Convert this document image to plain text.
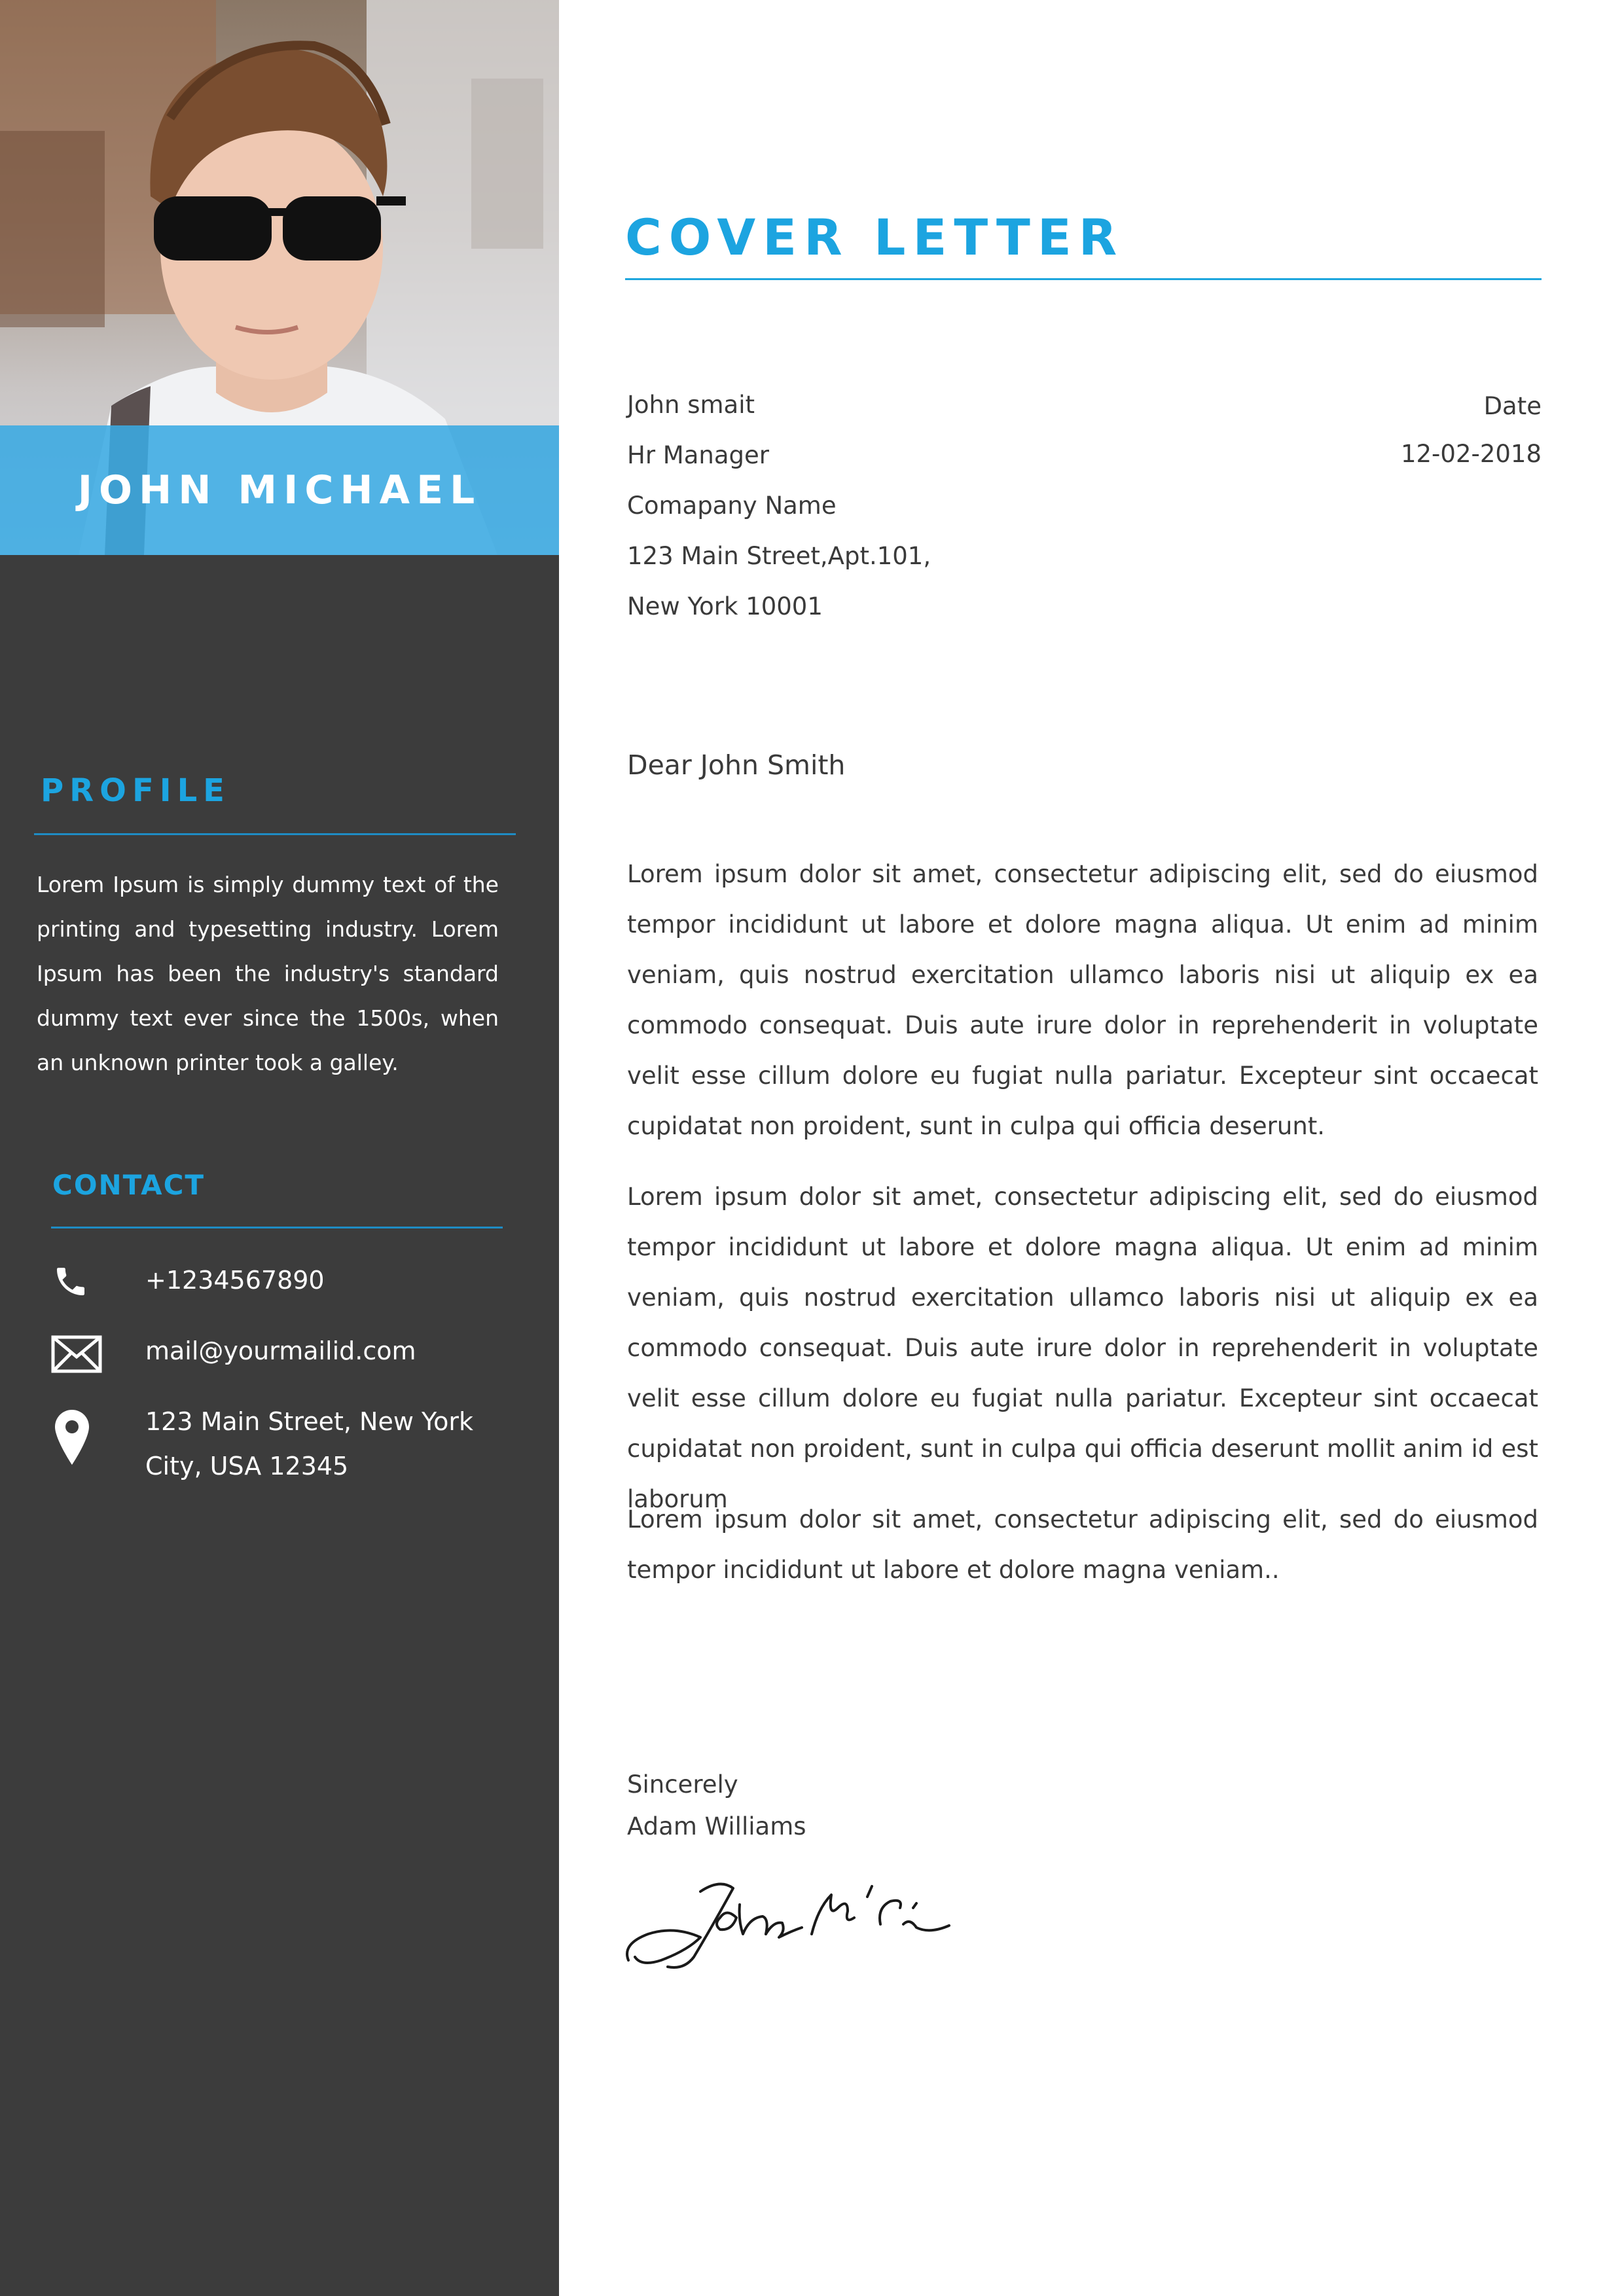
JOHN MICHAEL
PROFILE
Lorem Ipsum is simply dummy text of the printing and typesetting industry. Lorem Ipsum has been the industry's standard dummy text ever since the 1500s, when an unknown printer took a galley.
CONTACT
+1234567890
mail@yourmailid.com
123 Main Street, New York
City, USA 12345
COVER LETTER
John smait
Hr Manager
Comapany Name
123 Main Street,Apt.101,
New York 10001
Date
12-02-2018
Dear John Smith
Lorem ipsum dolor sit amet, consectetur adipiscing elit, sed do eiusmod tempor incididunt ut labore et dolore magna aliqua. Ut enim ad minim veniam, quis nostrud exercitation ullamco laboris nisi ut aliquip ex ea commodo consequat. Duis aute irure dolor in reprehenderit in voluptate velit esse cillum dolore eu fugiat nulla pariatur. Excepteur sint occaecat cupidatat non proident, sunt in culpa qui officia deserunt.
Lorem ipsum dolor sit amet, consectetur adipiscing elit, sed do eiusmod tempor incididunt ut labore et dolore magna aliqua. Ut enim ad minim veniam, quis nostrud exercitation ullamco laboris nisi ut aliquip ex ea commodo consequat. Duis aute irure dolor in reprehenderit in voluptate velit esse cillum dolore eu fugiat nulla pariatur. Excepteur sint occaecat cupidatat non proident, sunt in culpa qui officia deserunt mollit anim id est laborum
Lorem ipsum dolor sit amet, consectetur adipiscing elit, sed do eiusmod tempor incididunt ut labore et dolore magna veniam..
Sincerely
Adam Williams
